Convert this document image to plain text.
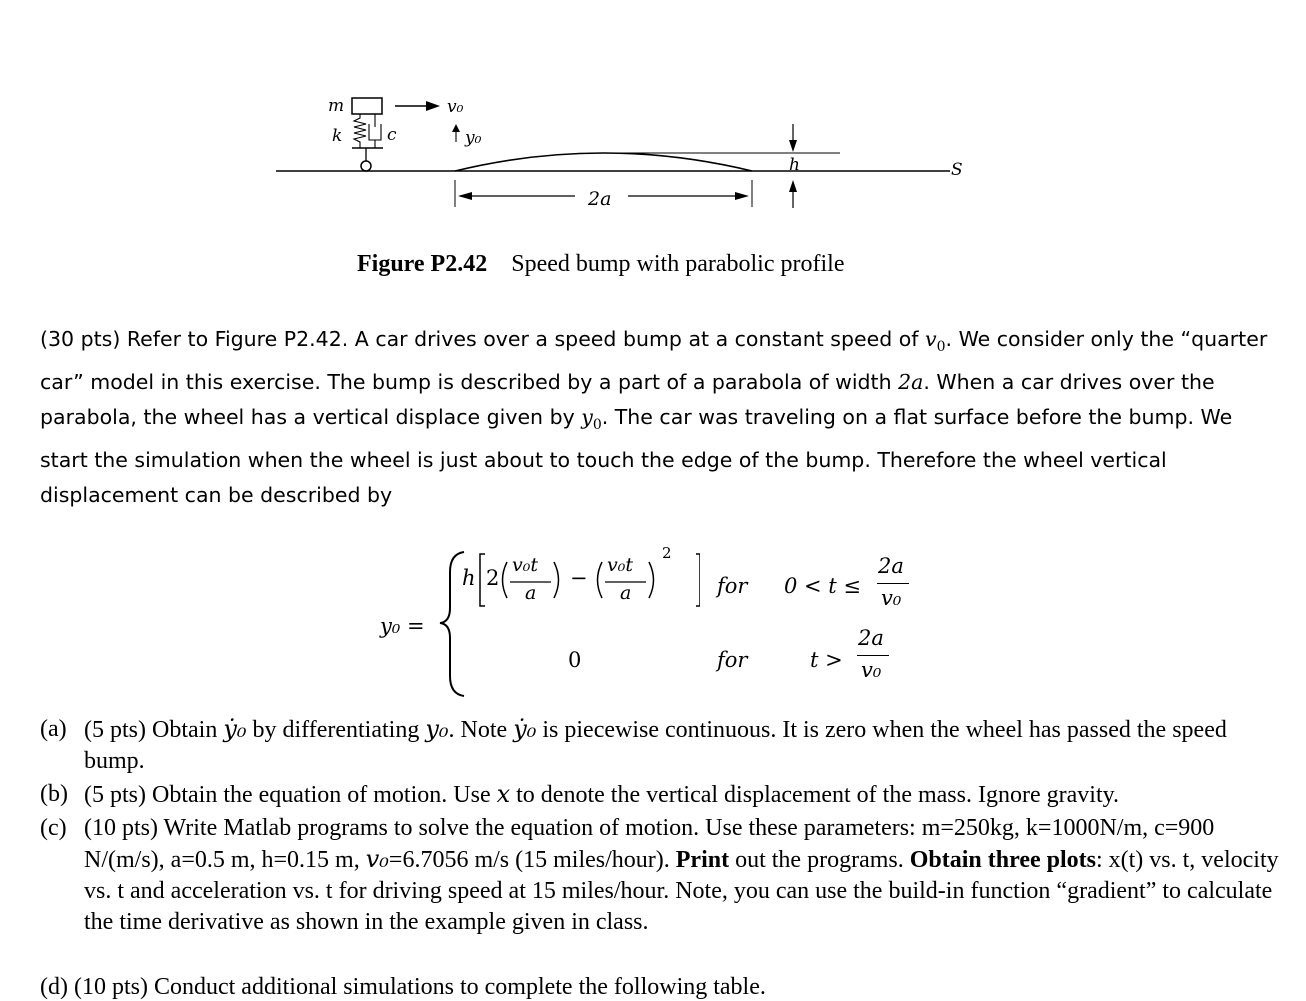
m
k	c
v₀
y₀
h
2a
S
Figure P2.42 Speed bump with parabolic profile
(30 pts) Refer to Figure P2.42. A car drives over a speed bump at a constant speed of $v_0$. We consider only the “quarter car” model in this exercise. The bump is described by a part of a parabola of width 2a. When a car drives over the parabola, the wheel has a vertical displace given by $y_0$. The car was traveling on a flat surface before the bump. We start the simulation when the wheel is just about to touch the edge of the bump. Therefore the wheel vertical displacement can be described by
y₀ =
h 2
v₀t
a
−
v₀t
a
2
for 0 < t ≤
2a
v₀
0	for	t >
2a
v₀
(a) (5 pts) Obtain ẏ₀ by differentiating y₀. Note ẏ₀ is piecewise continuous. It is zero when the wheel has passed the speed bump.
(b) (5 pts) Obtain the equation of motion. Use x to denote the vertical displacement of the mass. Ignore gravity.
(c) (10 pts) Write Matlab programs to solve the equation of motion. Use these parameters: m=250kg, k=1000N/m, c=900 N/(m/s), a=0.5 m, h=0.15 m, v₀=6.7056 m/s (15 miles/hour). Print out the programs. Obtain three plots: x(t) vs. t, velocity vs. t and acceleration vs. t for driving speed at 15 miles/hour. Note, you can use the build-in function “gradient” to calculate the time derivative as shown in the example given in class.
(d) (10 pts) Conduct additional simulations to complete the following table.
